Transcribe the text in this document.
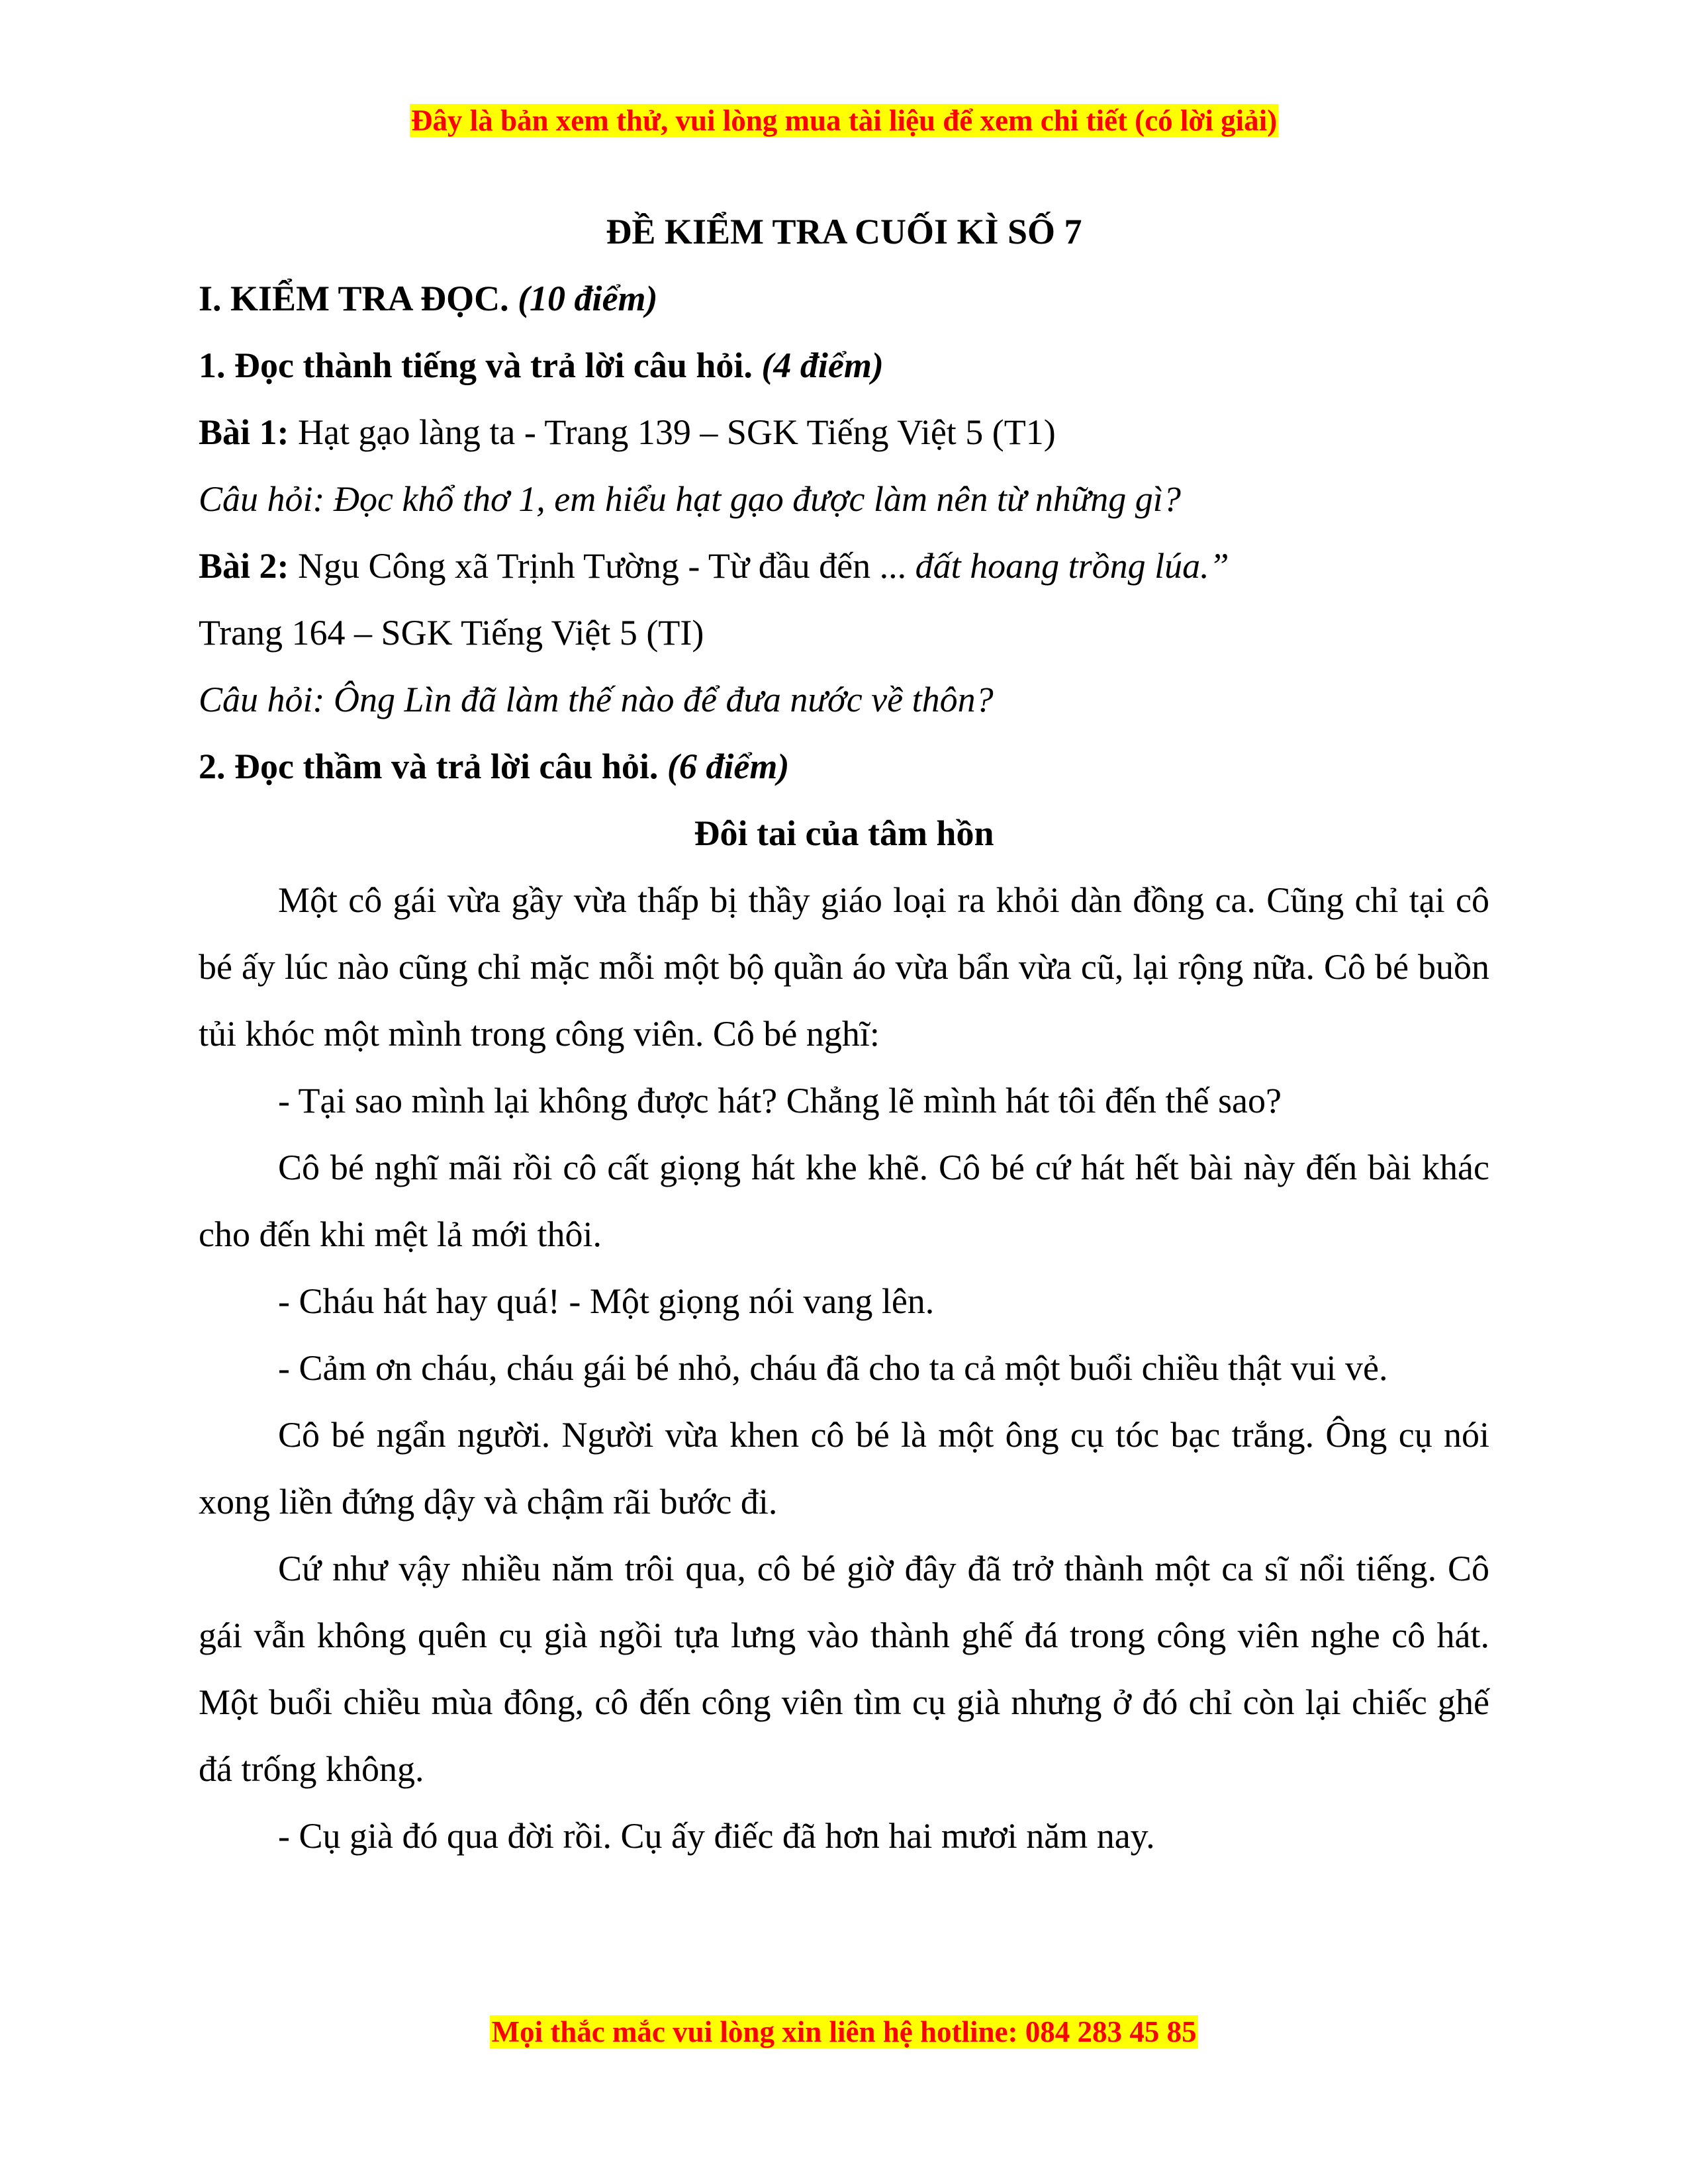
Đây là bản xem thử, vui lòng mua tài liệu để xem chi tiết (có lời giải)

ĐỀ KIỂM TRA CUỐI KÌ SỐ 7

I. KIỂM TRA ĐỌC. (10 điểm)

1. Đọc thành tiếng và trả lời câu hỏi. (4 điểm)

Bài 1: Hạt gạo làng ta - Trang 139 – SGK Tiếng Việt 5 (T1)

Câu hỏi: Đọc khổ thơ 1, em hiểu hạt gạo được làm nên từ những gì?

Bài 2: Ngu Công xã Trịnh Tường - Từ đầu đến ... đất hoang trồng lúa.”

Trang 164 – SGK Tiếng Việt 5 (TI)

Câu hỏi: Ông Lìn đã làm thế nào để đưa nước về thôn?

2. Đọc thầm và trả lời câu hỏi. (6 điểm)

Đôi tai của tâm hồn

Một cô gái vừa gầy vừa thấp bị thầy giáo loại ra khỏi dàn đồng ca. Cũng chỉ tại cô bé ấy lúc nào cũng chỉ mặc mỗi một bộ quần áo vừa bẩn vừa cũ, lại rộng nữa. Cô bé buồn tủi khóc một mình trong công viên. Cô bé nghĩ:

- Tại sao mình lại không được hát? Chẳng lẽ mình hát tôi đến thế sao?

Cô bé nghĩ mãi rồi cô cất giọng hát khe khẽ. Cô bé cứ hát hết bài này đến bài khác cho đến khi mệt lả mới thôi.

- Cháu hát hay quá! - Một giọng nói vang lên.

- Cảm ơn cháu, cháu gái bé nhỏ, cháu đã cho ta cả một buổi chiều thật vui vẻ.

Cô bé ngẩn người. Người vừa khen cô bé là một ông cụ tóc bạc trắng. Ông cụ nói xong liền đứng dậy và chậm rãi bước đi.

Cứ như vậy nhiều năm trôi qua, cô bé giờ đây đã trở thành một ca sĩ nổi tiếng. Cô gái vẫn không quên cụ già ngồi tựa lưng vào thành ghế đá trong công viên nghe cô hát. Một buổi chiều mùa đông, cô đến công viên tìm cụ già nhưng ở đó chỉ còn lại chiếc ghế đá trống không.

- Cụ già đó qua đời rồi. Cụ ấy điếc đã hơn hai mươi năm nay.

Mọi thắc mắc vui lòng xin liên hệ hotline: 084 283 45 85
